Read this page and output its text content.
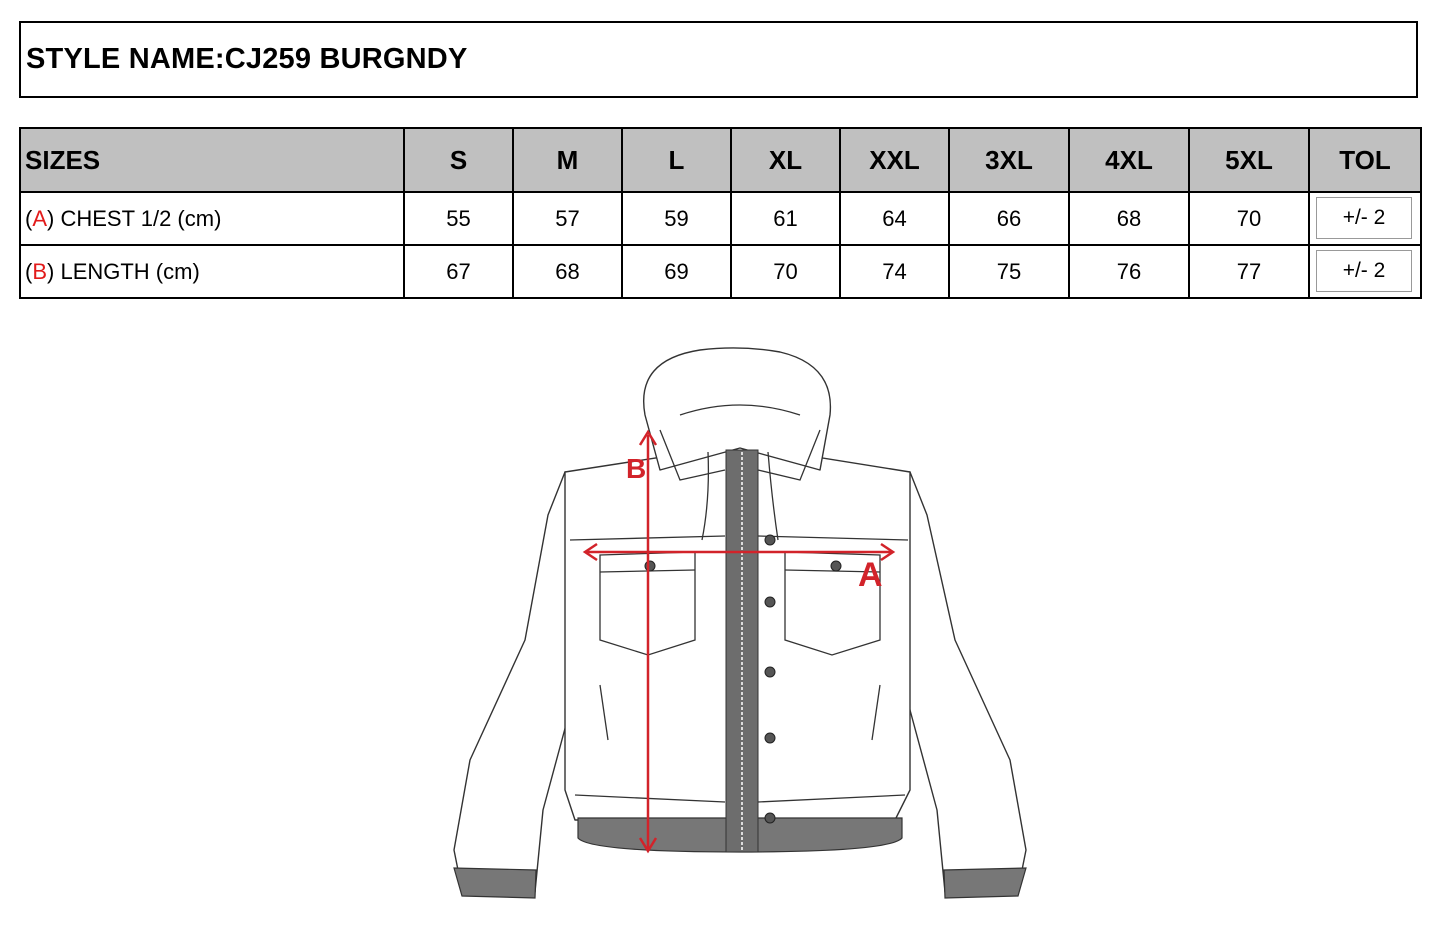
STYLE NAME:CJ259 BURGNDY
SIZES	S	M	L	XL	XXL	3XL	4XL	5XL	TOL
(A) CHEST 1/2 (cm)	55	57	59	61	64	66	68	70	+/- 2

(B) LENGTH (cm)	67	68	69	70	74	75	76	77	+/- 2
B
A
